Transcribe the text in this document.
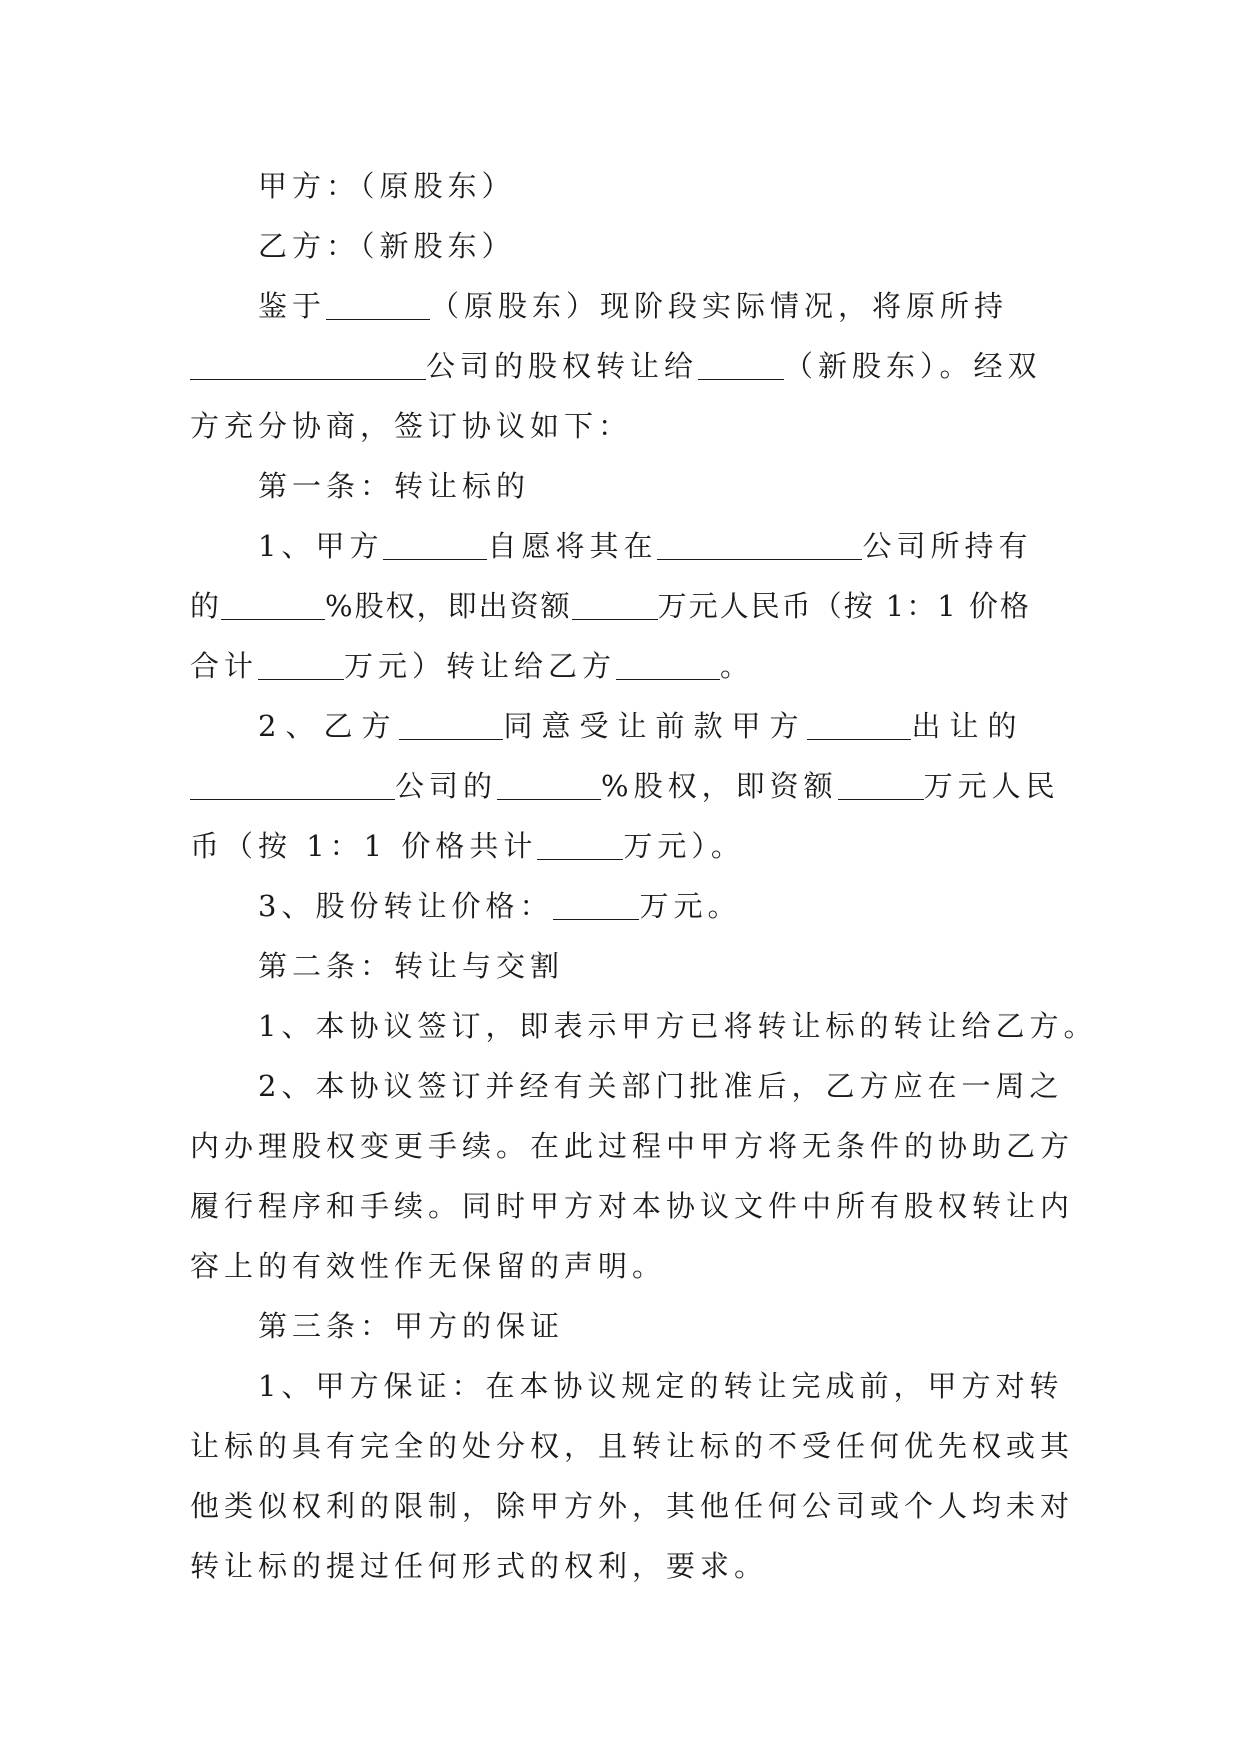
甲方：（原股东）
乙方：（新股东）
鉴于	（原股东）现阶段实际情况，将原所持
公司的股权转让给	（新股东）。经双
方充分协商，签订协议如下：
第一条：转让标的
1、甲方	自愿将其在	公司所持有
的	%股权，即出资额	万元人民币（按 1：1 价格
合计	万元）转让给乙方	。
2、乙方	同意受让前款甲方	出让的
公司的	%股权，即资额	万元人民
币（按 1：1 价格共计	万元）。
3、股份转让价格：	万元。
第二条：转让与交割
1、本协议签订，即表示甲方已将转让标的转让给乙方。
2、本协议签订并经有关部门批准后，乙方应在一周之
内办理股权变更手续。在此过程中甲方将无条件的协助乙方
履行程序和手续。同时甲方对本协议文件中所有股权转让内
容上的有效性作无保留的声明。
第三条：甲方的保证
1、甲方保证：在本协议规定的转让完成前，甲方对转
让标的具有完全的处分权，且转让标的不受任何优先权或其
他类似权利的限制，除甲方外，其他任何公司或个人均未对
转让标的提过任何形式的权利，要求。
